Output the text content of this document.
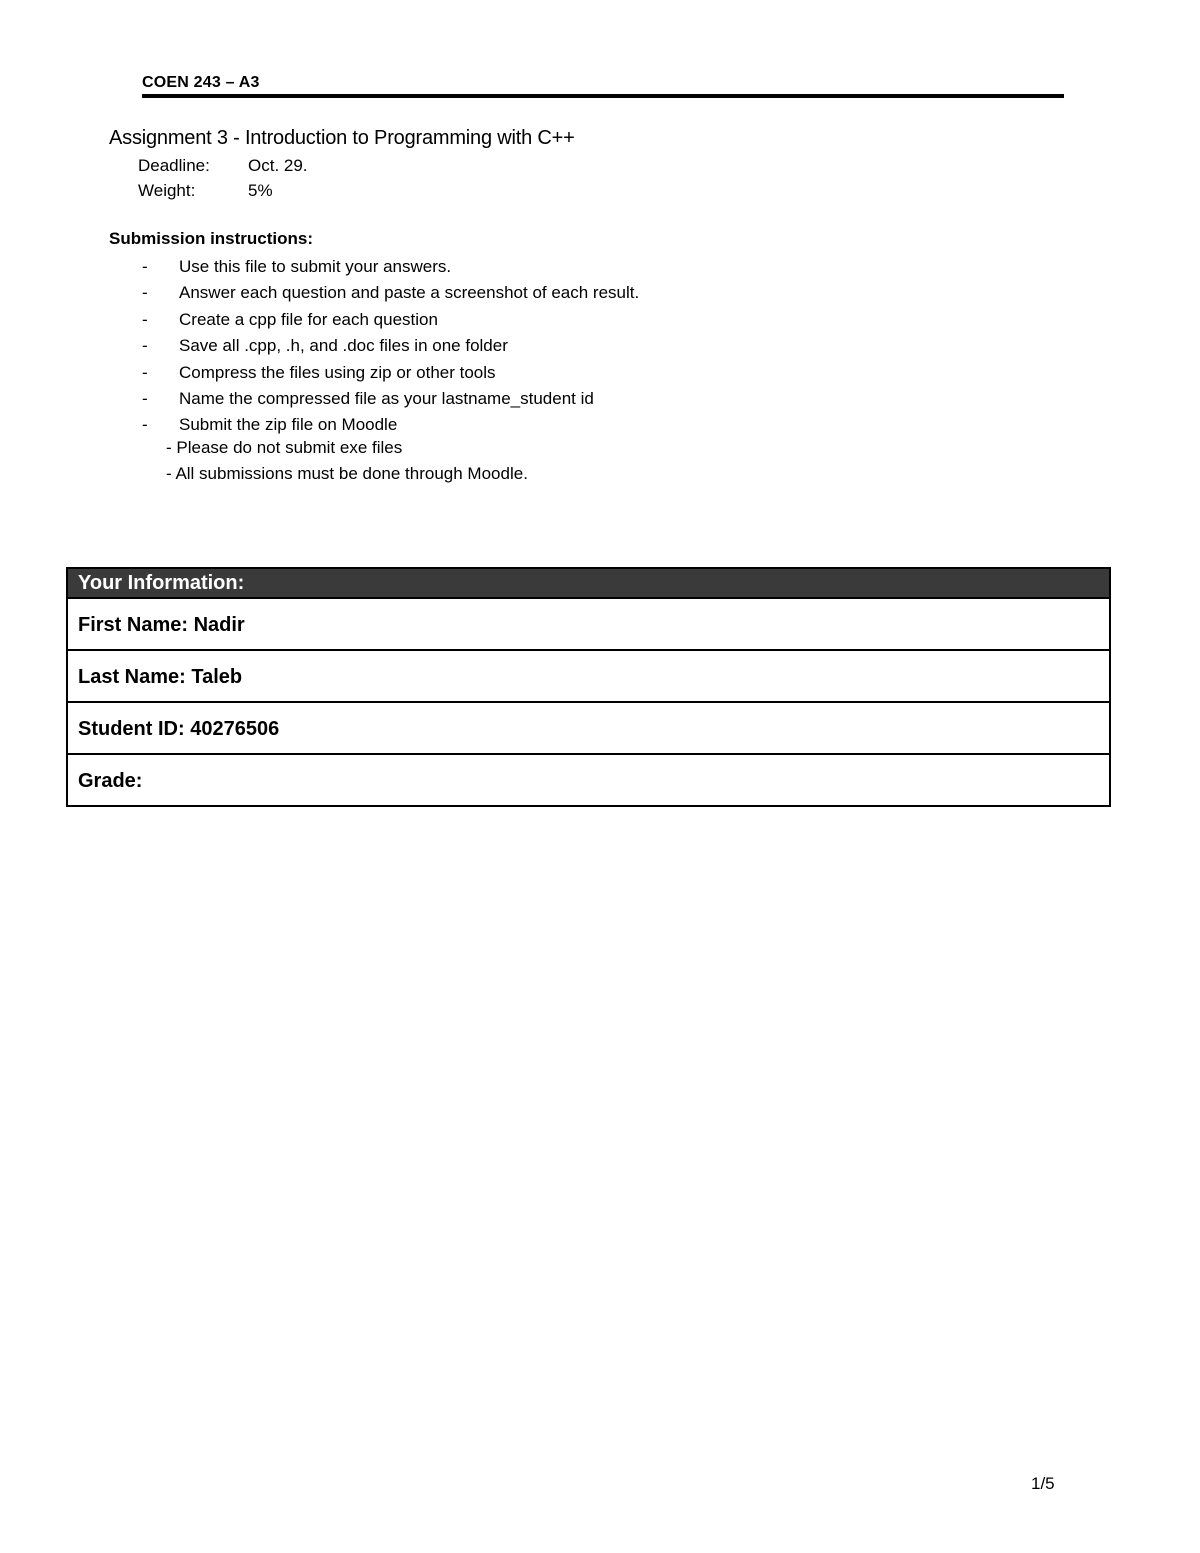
COEN 243 – A3
Assignment 3 - Introduction to Programming with C++
Deadline:	Oct. 29.
Weight:	5%
Submission instructions:
-	Use this file to submit your answers.
-	Answer each question and paste a screenshot of each result.
-	Create a cpp file for each question
-	Save all .cpp, .h, and .doc files in one folder
-	Compress the files using zip or other tools
-	Name the compressed file as your lastname_student id
-	Submit the zip file on Moodle
- Please do not submit exe files
- All submissions must be done through Moodle.
Your Information:
First Name: Nadir
Last Name: Taleb
Student ID: 40276506
Grade:
1/5
